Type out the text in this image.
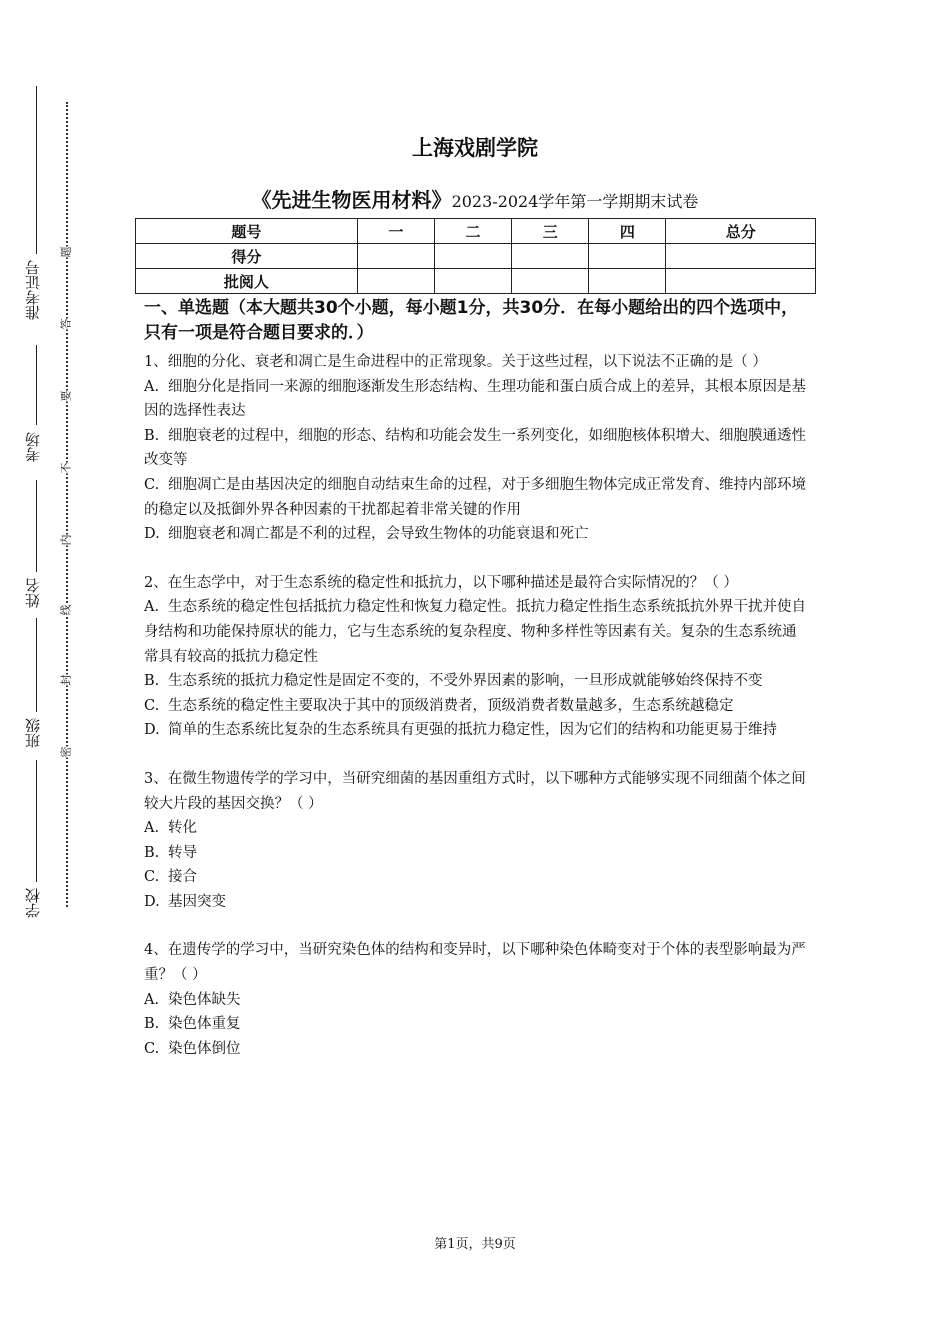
准考证号
考场
姓名
班级
学校
题
答
要
不
内
线
封
密
上海戏剧学院
《先进生物医用材料》2023-2024学年第一学期期末试卷
题号	一	二	三	四	总分
得分					
批阅人					
一、单选题（本大题共30个小题，每小题1分，共30分．在每小题给出的四个选项中，只有一项是符合题目要求的．）
1、细胞的分化、衰老和凋亡是生命进程中的正常现象。关于这些过程，以下说法不正确的是（ ）
A. 细胞分化是指同一来源的细胞逐渐发生形态结构、生理功能和蛋白质合成上的差异，其根本原因是基因的选择性表达
B. 细胞衰老的过程中，细胞的形态、结构和功能会发生一系列变化，如细胞核体积增大、细胞膜通透性改变等
C. 细胞凋亡是由基因决定的细胞自动结束生命的过程，对于多细胞生物体完成正常发育、维持内部环境的稳定以及抵御外界各种因素的干扰都起着非常关键的作用
D. 细胞衰老和凋亡都是不利的过程，会导致生物体的功能衰退和死亡
2、在生态学中，对于生态系统的稳定性和抵抗力，以下哪种描述是最符合实际情况的？（ ）
A. 生态系统的稳定性包括抵抗力稳定性和恢复力稳定性。抵抗力稳定性指生态系统抵抗外界干扰并使自身结构和功能保持原状的能力，它与生态系统的复杂程度、物种多样性等因素有关。复杂的生态系统通常具有较高的抵抗力稳定性
B. 生态系统的抵抗力稳定性是固定不变的，不受外界因素的影响，一旦形成就能够始终保持不变
C. 生态系统的稳定性主要取决于其中的顶级消费者，顶级消费者数量越多，生态系统越稳定
D. 简单的生态系统比复杂的生态系统具有更强的抵抗力稳定性，因为它们的结构和功能更易于维持
3、在微生物遗传学的学习中，当研究细菌的基因重组方式时，以下哪种方式能够实现不同细菌个体之间较大片段的基因交换？（ ）
A. 转化
B. 转导
C. 接合
D. 基因突变
4、在遗传学的学习中，当研究染色体的结构和变异时，以下哪种染色体畸变对于个体的表型影响最为严重？（ ）
A. 染色体缺失
B. 染色体重复
C. 染色体倒位
第1页，共9页
